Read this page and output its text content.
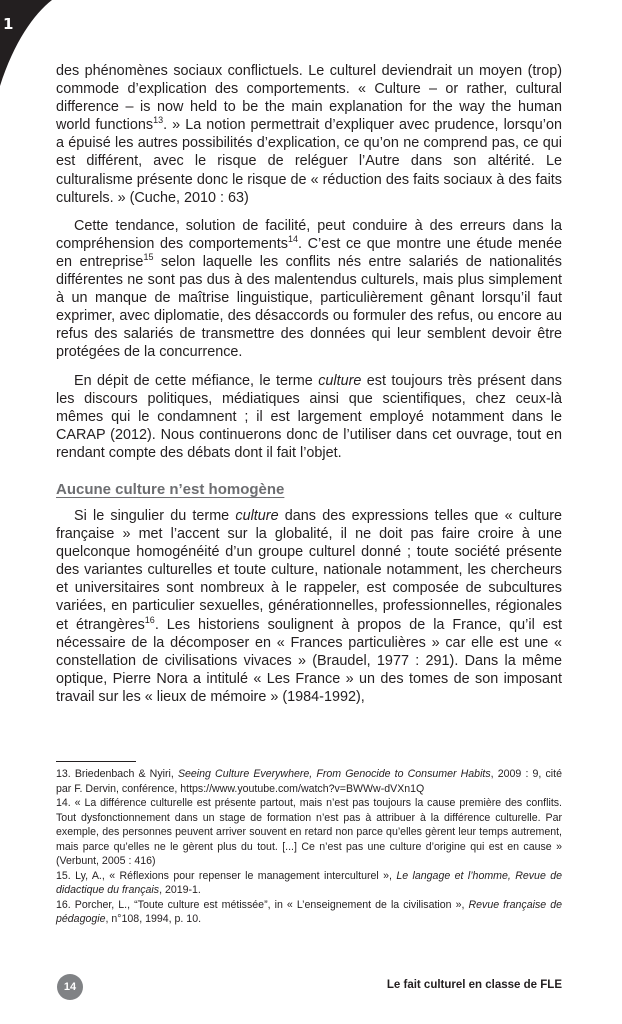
1

des phénomènes sociaux conflictuels. Le culturel deviendrait un moyen (trop) commode d’explication des comportements. « Culture – or rather, cultural difference – is now held to be the main explanation for the way the human world functions$^{13}$. » La notion permettrait d’expliquer avec prudence, lorsqu’on a épuisé les autres possibilités d’explication, ce qu’on ne comprend pas, ce qui est différent, avec le risque de reléguer l’Autre dans son altérité. Le culturalisme présente donc le risque de « réduction des faits sociaux à des faits culturels. » (Cuche, 2010 : 63)

Cette tendance, solution de facilité, peut conduire à des erreurs dans la compréhension des comportements$^{14}$. C’est ce que montre une étude menée en entreprise$^{15}$ selon laquelle les conflits nés entre salariés de nationalités différentes ne sont pas dus à des malentendus culturels, mais plus simplement à un manque de maîtrise linguistique, particulièrement gênant lorsqu’il faut exprimer, avec diplomatie, des désaccords ou formuler des refus, ou encore au refus des salariés de transmettre des données qui leur semblent devoir être protégées de la concurrence.

En dépit de cette méfiance, le terme culture est toujours très présent dans les discours politiques, médiatiques ainsi que scientifiques, chez ceux-là mêmes qui le condamnent ; il est largement employé notamment dans le CARAP (2012). Nous continuerons donc de l’utiliser dans cet ouvrage, tout en rendant compte des débats dont il fait l’objet.

Aucune culture n’est homogène

Si le singulier du terme culture dans des expressions telles que « culture française » met l’accent sur la globalité, il ne doit pas faire croire à une quelconque homogénéité d’un groupe culturel donné ; toute société présente des variantes culturelles et toute culture, nationale notamment, les chercheurs et universitaires sont nombreux à le rappeler, est composée de subcultures variées, en particulier sexuelles, générationnelles, professionnelles, régionales et étrangères$^{16}$. Les historiens soulignent à propos de la France, qu’il est nécessaire de la décomposer en « Frances particulières » car elle est une « constellation de civilisations vivaces » (Braudel, 1977 : 291). Dans la même optique, Pierre Nora a intitulé « Les France » un des tomes de son imposant travail sur les « lieux de mémoire » (1984-1992),

13. Briedenbach & Nyiri, Seeing Culture Everywhere, From Genocide to Consumer Habits, 2009 : 9, cité par F. Dervin, conférence, https://www.youtube.com/watch?v=BWWw-dVXn1Q

14. « La différence culturelle est présente partout, mais n’est pas toujours la cause première des conflits. Tout dysfonctionnement dans un stage de formation n’est pas à attribuer à la différence culturelle. Par exemple, des personnes peuvent arriver souvent en retard non parce qu’elles gèrent leur temps autrement, mais parce qu’elles ne le gèrent plus du tout. [...] Ce n’est pas une culture d’origine qui est en cause » (Verbunt, 2005 : 416)

15. Ly, A., « Réflexions pour repenser le management interculturel », Le langage et l’homme, Revue de didactique du français, 2019-1.

16. Porcher, L., “Toute culture est métissée”, in « L’enseignement de la civilisation », Revue française de pédagogie, n°108, 1994, p. 10.

14	Le fait culturel en classe de FLE
